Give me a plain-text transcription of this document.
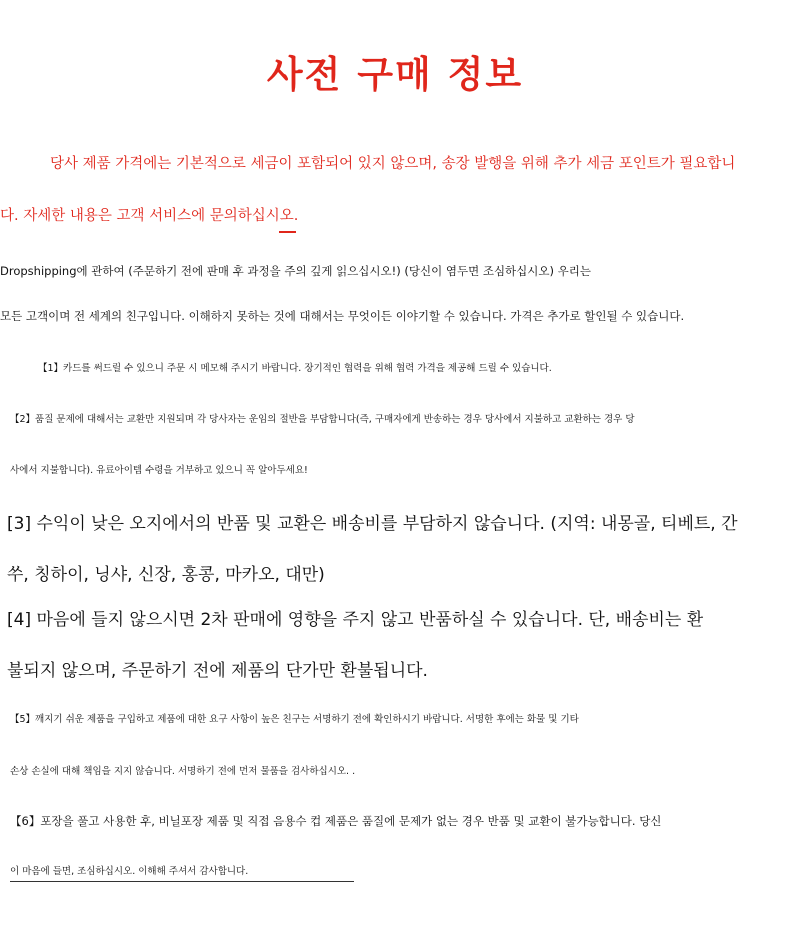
사전 구매 정보

당사 제품 가격에는 기본적으로 세금이 포함되어 있지 않으며, 송장 발행을 위해 추가 세금 포인트가 필요합니

다. 자세한 내용은 고객 서비스에 문의하십시오.

Dropshipping에 관하여 (주문하기 전에 판매 후 과정을 주의 깊게 읽으십시오!) (당신이 염두면 조심하십시오) 우리는

모든 고객이며 전 세계의 친구입니다. 이해하지 못하는 것에 대해서는 무엇이든 이야기할 수 있습니다. 가격은 추가로 할인될 수 있습니다.

【1】카드를 써드릴 수 있으니 주문 시 메모해 주시기 바랍니다. 장기적인 협력을 위해 협력 가격을 제공해 드릴 수 있습니다.

【2】품질 문제에 대해서는 교환만 지원되며 각 당사자는 운임의 절반을 부담합니다(즉, 구매자에게 반송하는 경우 당사에서 지불하고 교환하는 경우 당

사에서 지불합니다). 유료아이템 수령을 거부하고 있으니 꼭 알아두세요!

[3] 수익이 낮은 오지에서의 반품 및 교환은 배송비를 부담하지 않습니다. (지역: 내몽골, 티베트, 간

쑤, 칭하이, 닝샤, 신장, 홍콩, 마카오, 대만)

[4] 마음에 들지 않으시면 2차 판매에 영향을 주지 않고 반품하실 수 있습니다. 단, 배송비는 환

불되지 않으며, 주문하기 전에 제품의 단가만 환불됩니다.

【5】깨지기 쉬운 제품을 구입하고 제품에 대한 요구 사항이 높은 친구는 서명하기 전에 확인하시기 바랍니다. 서명한 후에는 화물 및 기타

손상 손실에 대해 책임을 지지 않습니다. 서명하기 전에 먼저 물품을 검사하십시오. .

【6】포장을 풀고 사용한 후, 비닐포장 제품 및 직접 음용수 컵 제품은 품질에 문제가 없는 경우 반품 및 교환이 불가능합니다. 당신

이 마음에 들면, 조심하십시오. 이해해 주셔서 감사합니다.
